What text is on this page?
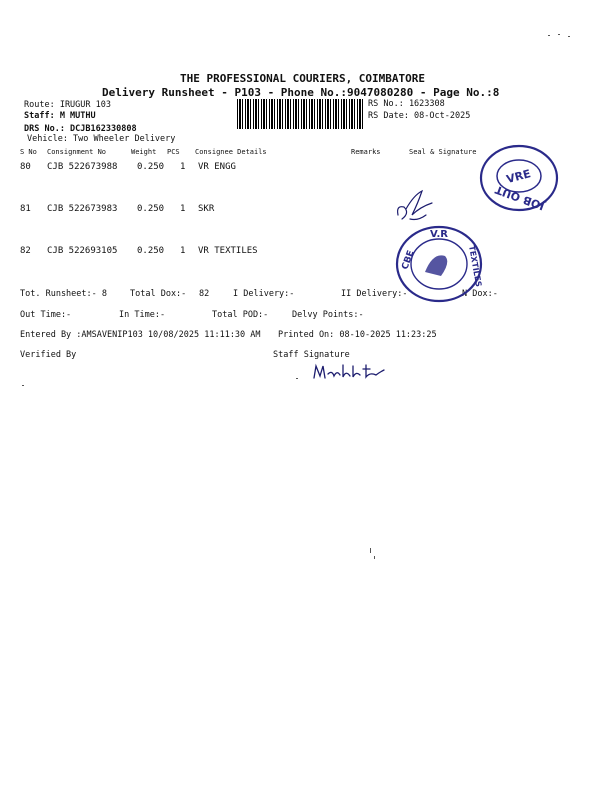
THE PROFESSIONAL COURIERS, COIMBATORE
Delivery Runsheet - P103 - Phone No.:9047080280 - Page No.:8
Route: IRUGUR 103
Staff: M MUTHU
DRS No.: DCJB162330808
Vehicle: Two Wheeler Delivery
RS No.: 1623308
RS Date: 08-Oct-2025
S No Consignment No	Weight PCS Consignee Details	Remarks	Seal & Signature
80 CJB 522673988 0.250 1 VR ENGG
81 CJB 522673983 0.250 1 SKR
82 CJB 522693105 0.250 1 VR TEXTILES
Tot. Runsheet:- 8	Total Dox:- 82	I Delivery:-	II Delivery:-	N Dox:-
Out Time:-	In Time:-	Total POD:-	Delvy Points:-
Entered By :AMSAVENIP103 10/08/2025 11:11:30 AM Printed On: 08-10-2025 11:23:25
Verified By	Staff Signature
VRE
JOB OUT
V.R
CBE	TEXTILES
